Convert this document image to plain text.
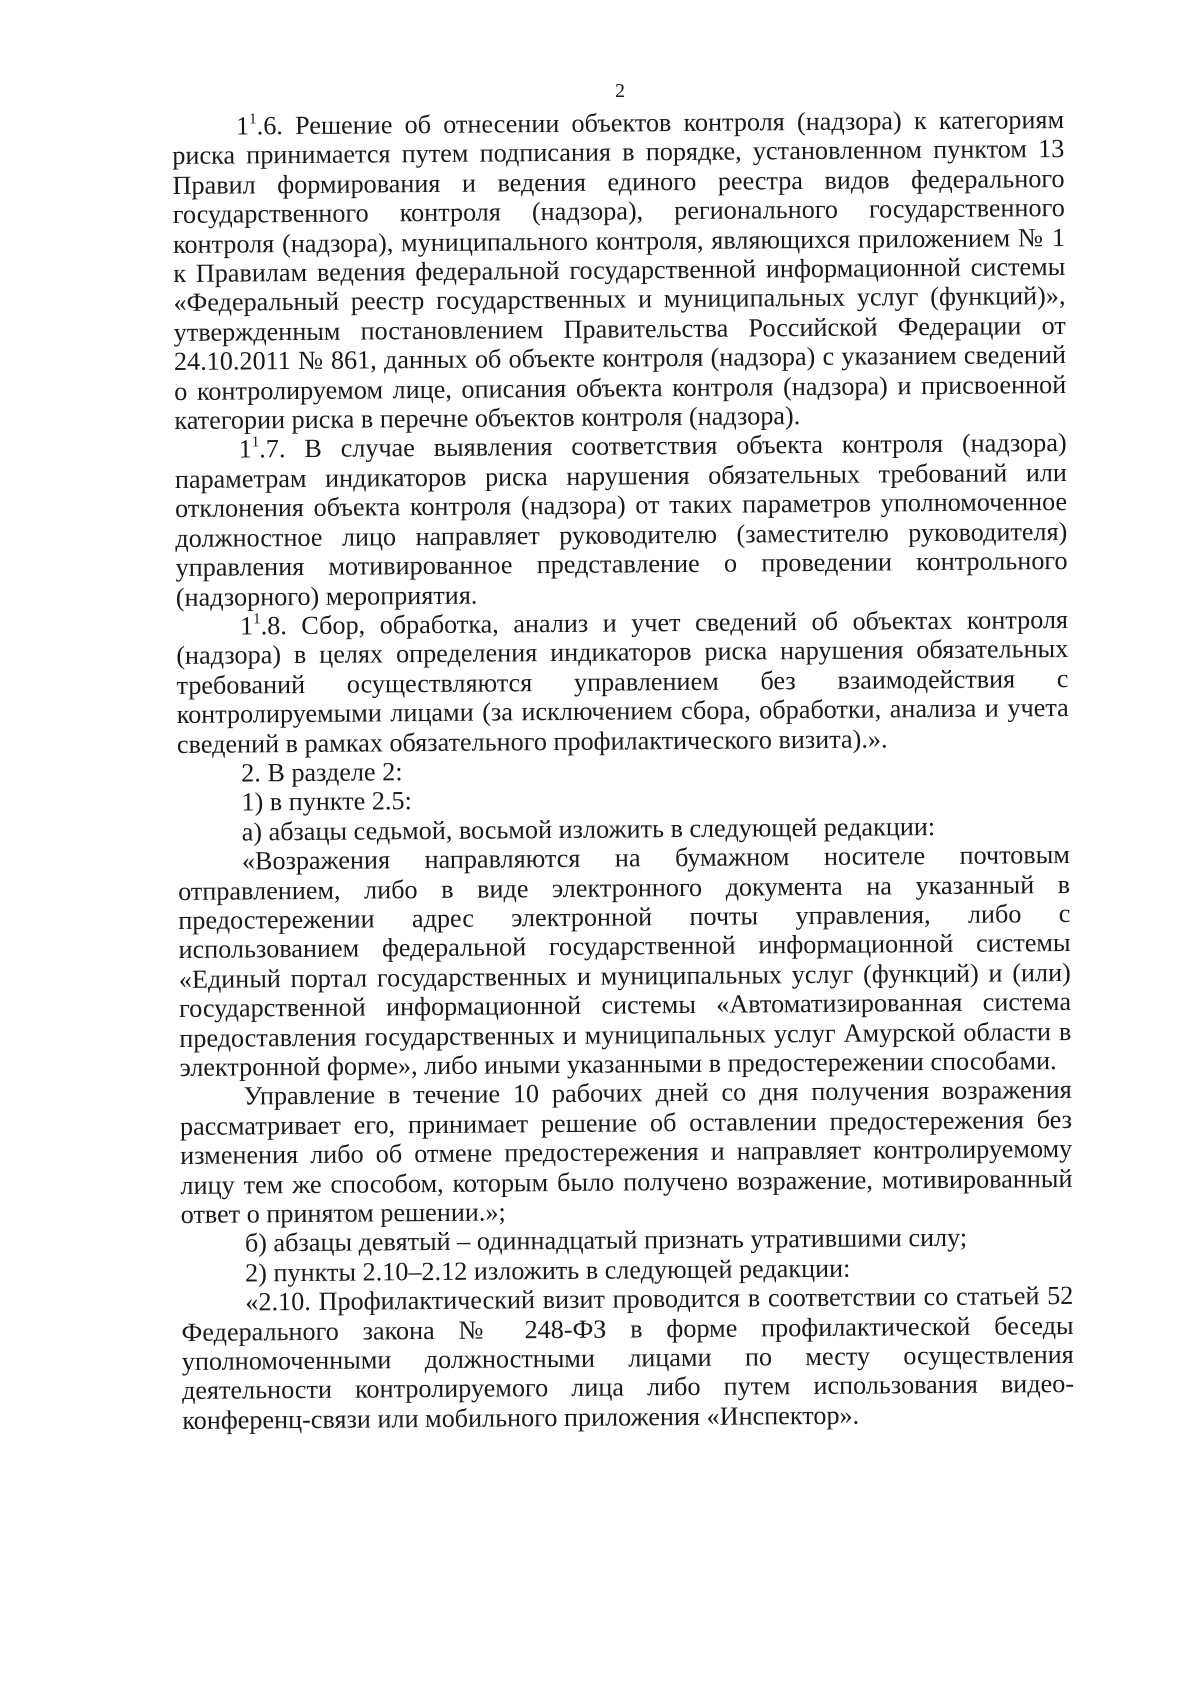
2

$1^1.6$. Решение об отнесении объектов контроля (надзора) к категориям риска принимается путем подписания в порядке, установленном пунктом 13 Правил формирования и ведения единого реестра видов федерального государственного контроля (надзора), регионального государственного контроля (надзора), муниципального контроля, являющихся приложением № 1 к Правилам ведения федеральной государственной информационной системы «Федеральный реестр государственных и муниципальных услуг (функций)», утвержденным постановлением Правительства Российской Федерации от 24.10.2011 № 861, данных об объекте контроля (надзора) с указанием сведений о контролируемом лице, описания объекта контроля (надзора) и присвоенной категории риска в перечне объектов контроля (надзора).

$1^1.7$. В случае выявления соответствия объекта контроля (надзора) параметрам индикаторов риска нарушения обязательных требований или отклонения объекта контроля (надзора) от таких параметров уполномоченное должностное лицо направляет руководителю (заместителю руководителя) управления мотивированное представление о проведении контрольного (надзорного) мероприятия.

$1^1.8$. Сбор, обработка, анализ и учет сведений об объектах контроля (надзора) в целях определения индикаторов риска нарушения обязательных требований осуществляются управлением без взаимодействия с контролируемыми лицами (за исключением сбора, обработки, анализа и учета сведений в рамках обязательного профилактического визита).».

2. В разделе 2:

1) в пункте 2.5:

а) абзацы седьмой, восьмой изложить в следующей редакции:

«Возражения направляются на бумажном носителе почтовым отправлением, либо в виде электронного документа на указанный в предостережении адрес электронной почты управления, либо с использованием федеральной государственной информационной системы «Единый портал государственных и муниципальных услуг (функций) и (или) государственной информационной системы «Автоматизированная система предоставления государственных и муниципальных услуг Амурской области в электронной форме», либо иными указанными в предостережении способами.

Управление в течение 10 рабочих дней со дня получения возражения рассматривает его, принимает решение об оставлении предостережения без изменения либо об отмене предостережения и направляет контролируемому лицу тем же способом, которым было получено возражение, мотивированный ответ о принятом решении.»;

б) абзацы девятый – одиннадцатый признать утратившими силу;

2) пункты 2.10–2.12 изложить в следующей редакции:

«2.10. Профилактический визит проводится в соответствии со статьей 52 Федерального закона № 248-ФЗ в форме профилактической беседы уполномоченными должностными лицами по месту осуществления деятельности контролируемого лица либо путем использования видео-конференц-связи или мобильного приложения «Инспектор».
